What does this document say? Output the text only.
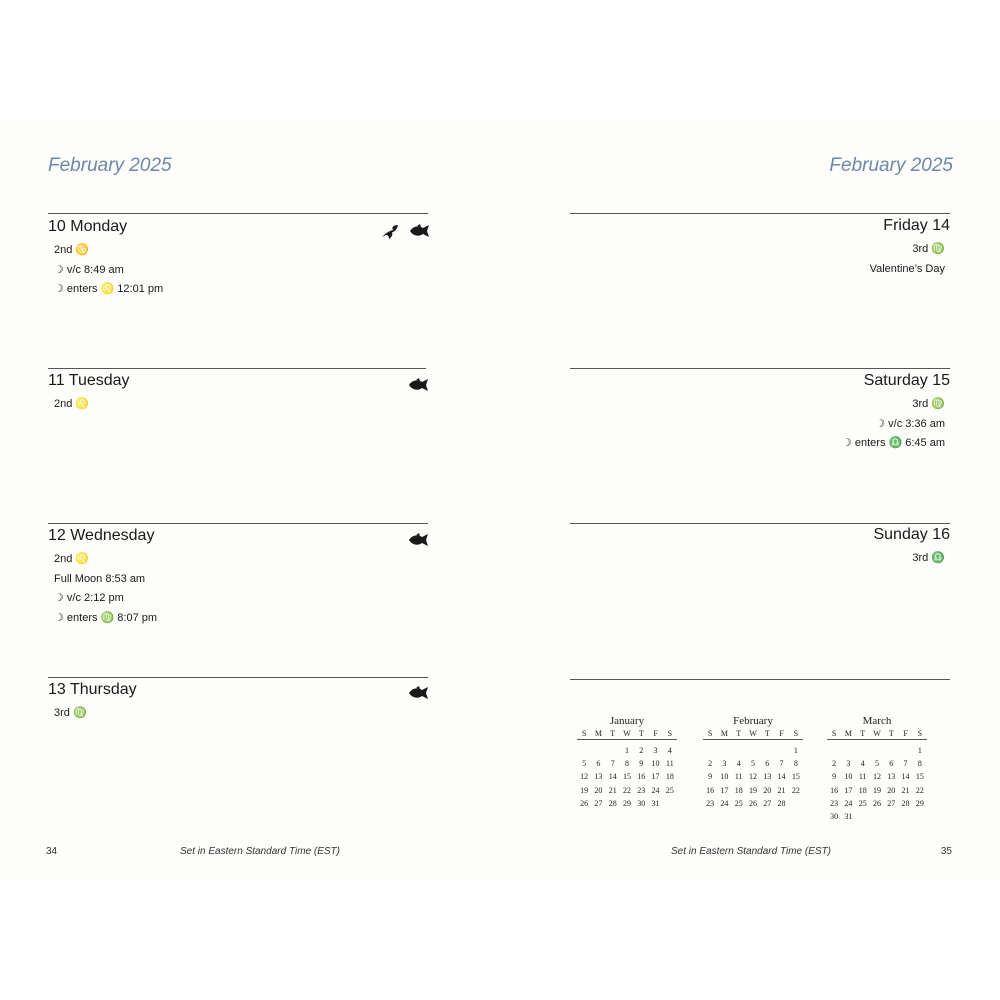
February 2025	February 2025
10 Monday
2nd ♋
☽ v/c 8:49 am
☽ enters ♌ 12:01 pm
11 Tuesday
2nd ♌
12 Wednesday
2nd ♌
Full Moon 8:53 am
☽ v/c 2:12 pm
☽ enters ♍ 8:07 pm
13 Thursday
3rd ♍
Friday 14
3rd ♍
Valentine’s Day
Saturday 15
3rd ♍
☽ v/c 3:36 am
☽ enters ♎ 6:45 am
Sunday 16
3rd ♎
January
S	M	T	W	T	F	S

			1	2	3	4
5	6	7	8	9	10	11
12	13	14	15	16	17	18
19	20	21	22	23	24	25
26	27	28	29	30	31	
February
S	M	T	W	T	F	S

						1
2	3	4	5	6	7	8
9	10	11	12	13	14	15
16	17	18	19	20	21	22
23	24	25	26	27	28	
March
S	M	T	W	T	F	S

						1
2	3	4	5	6	7	8
9	10	11	12	13	14	15
16	17	18	19	20	21	22
23	24	25	26	27	28	29
30	31					
34	Set in Eastern Standard Time (EST)	Set in Eastern Standard Time (EST)	35
